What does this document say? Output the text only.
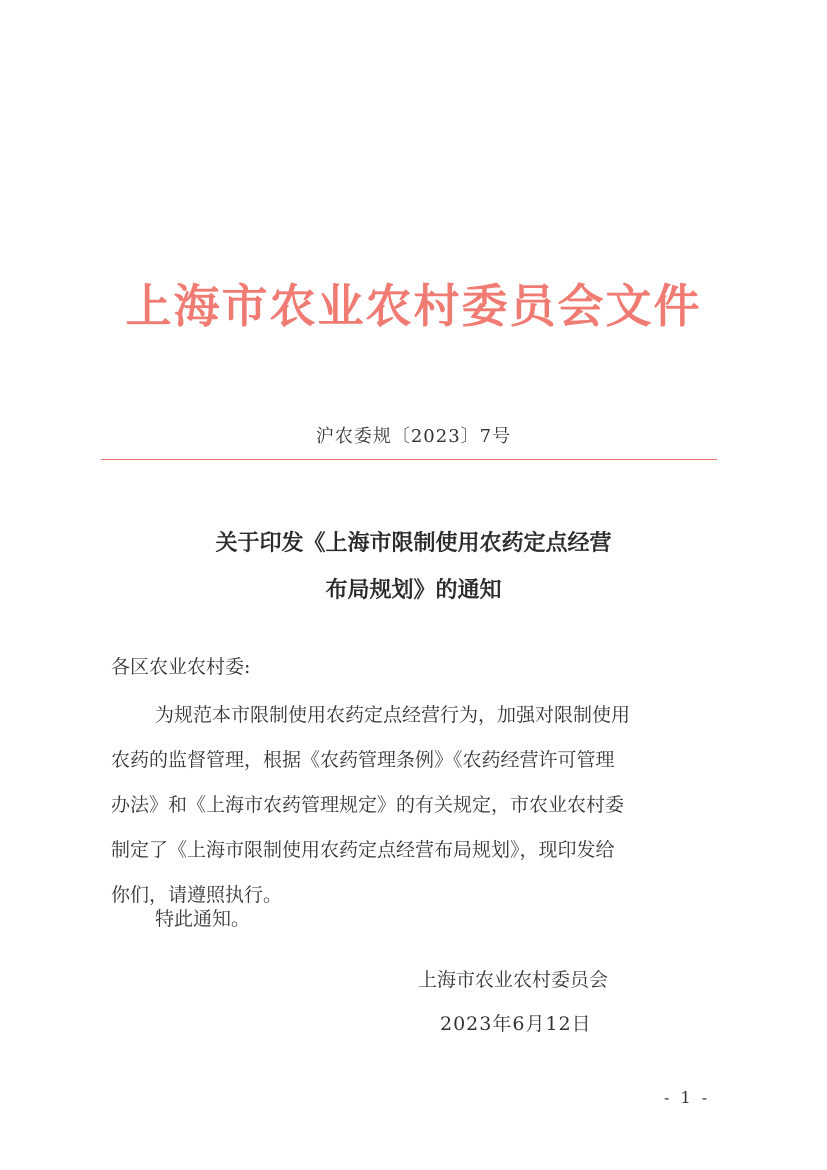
上海市农业农村委员会文件
沪农委规〔2023〕7号
关于印发《上海市限制使用农药定点经营
布局规划》的通知
各区农业农村委:
为规范本市限制使用农药定点经营行为，加强对限制使用
农药的监督管理，根据《农药管理条例》《农药经营许可管理
办法》和《上海市农药管理规定》的有关规定，市农业农村委
制定了《上海市限制使用农药定点经营布局规划》，现印发给
你们，请遵照执行。
特此通知。
上海市农业农村委员会
2023年6月12日
- 1 -
